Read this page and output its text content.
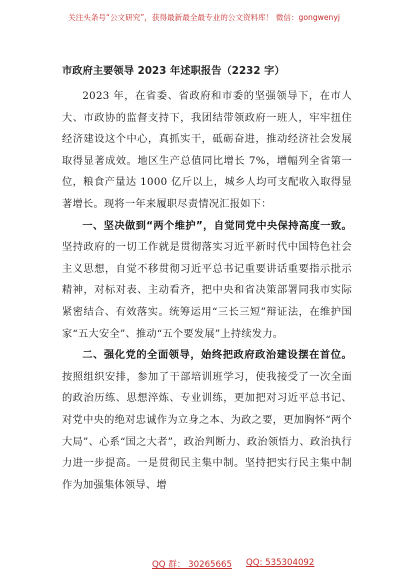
关注头条号“公文研究”，获得最新最全最专业的公文资料库！ 微信：gongwenyj
市政府主要领导 2023 年述职报告（2232 字）

2023 年，在省委、省政府和市委的坚强领导下，在市人大、市政协的监督支持下，我团结带领政府一班人，牢牢扭住经济建设这个中心，真抓实干，砥砺奋进，推动经济社会发展取得显著成效。地区生产总值同比增长 7%，增幅列全省第一位，粮食产量达 1000 亿斤以上，城乡人均可支配收入取得显著增长。现将一年来履职尽责情况汇报如下：

一、坚决做到“两个维护”，自觉同党中央保持高度一致。坚持政府的一切工作就是贯彻落实习近平新时代中国特色社会主义思想，自觉不移贯彻习近平总书记重要讲话重要指示批示精神，对标对表、主动看齐，把中央和省决策部署同我市实际紧密结合、有效落实。统筹运用“三长三短”辩证法，在维护国家“五大安全”、推动“五个要发展”上持续发力。

二、强化党的全面领导，始终把政府政治建设摆在首位。按照组织安排，参加了干部培训班学习，使我接受了一次全面的政治历练、思想淬炼、专业训练，更加把对习近平总书记、对党中央的绝对忠诚作为立身之本、为政之要，更加胸怀“两个大局”、心系“国之大者”，政治判断力、政治领悟力、政治执行力进一步提高。一是贯彻民主集中制。坚持把实行民主集中制作为加强集体领导、增

QQ 群： 30265665 QQ: 535304092
